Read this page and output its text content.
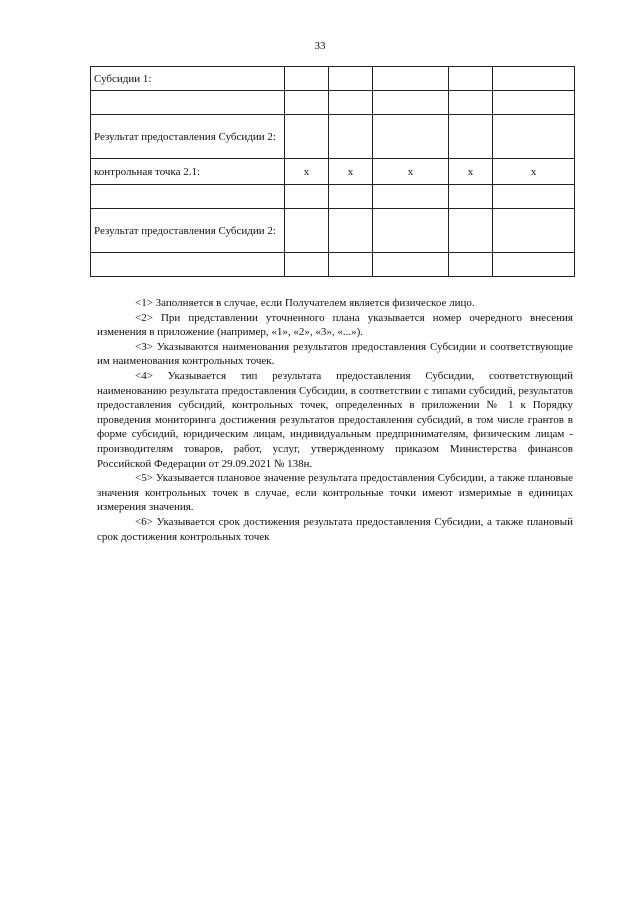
33
Субсидии 1:					

Результат предоставления Субсидии 2:					
контрольная точка 2.1:	x	x	x	x	x

Результат предоставления Субсидии 2:					

<1> Заполняется в случае, если Получателем является физическое лицо.

<2> При представлении уточненного плана указывается номер очередного внесения изменения в приложение (например, «1», «2», «3», «...»).

<3> Указываются наименования результатов предоставления Субсидии и соответствующие им наименования контрольных точек.

<4> Указывается тип результата предоставления Субсидии, соответствующий наименованию результата предоставления Субсидии, в соответствии с типами субсидий, результатов предоставления субсидий, контрольных точек, определенных в приложении № 1 к Порядку проведения мониторинга достижения результатов предоставления субсидий, в том числе грантов в форме субсидий, юридическим лицам, индивидуальным предпринимателям, физическим лицам - производителям товаров, работ, услуг, утвержденному приказом Министерства финансов Российской Федерации от 29.09.2021 № 138н.

<5> Указывается плановое значение результата предоставления Субсидии, а также плановые значения контрольных точек в случае, если контрольные точки имеют измеримые в единицах измерения значения.

<6> Указывается срок достижения результата предоставления Субсидии, а также плановый срок достижения контрольных точек
